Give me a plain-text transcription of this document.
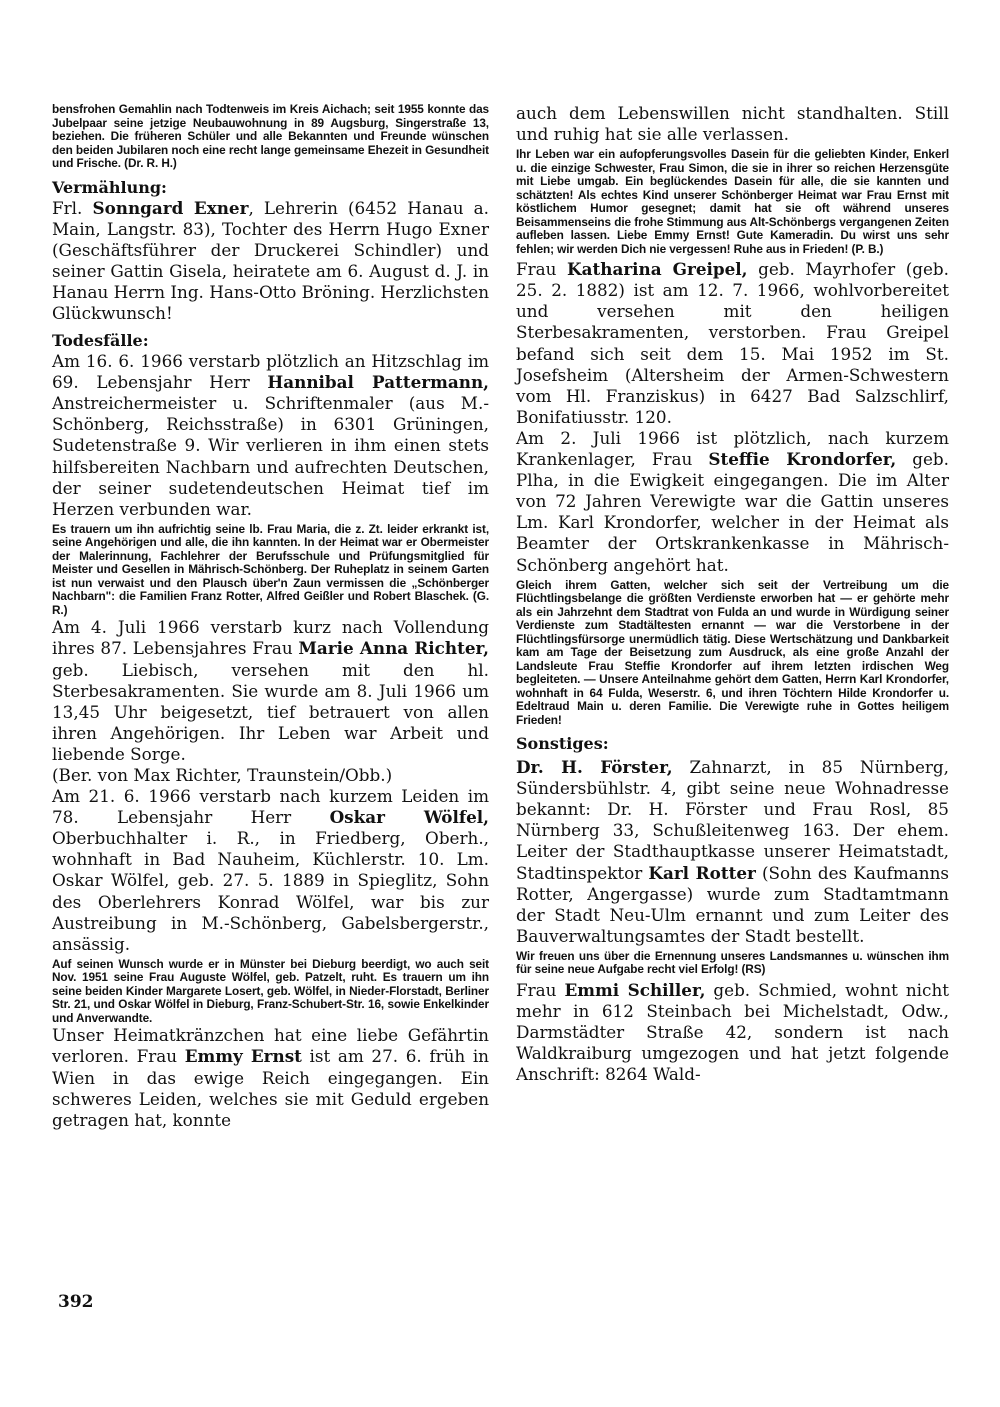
bensfrohen Gemahlin nach Todtenweis im Kreis Aichach; seit 1955 konnte das Jubelpaar seine jetzige Neubauwohnung in 89 Augsburg, Singerstraße 13, beziehen. Die früheren Schüler und alle Bekannten und Freunde wünschen den beiden Jubilaren noch eine recht lange gemeinsame Ehezeit in Gesundheit und Frische. (Dr. R. H.)

Vermählung:

Frl. Sonngard Exner, Lehrerin (6452 Hanau a. Main, Langstr. 83), Tochter des Herrn Hugo Exner (Geschäftsführer der Druckerei Schindler) und seiner Gattin Gisela, heiratete am 6. August d. J. in Hanau Herrn Ing. Hans-Otto Bröning. Herzlichsten Glückwunsch!

Todesfälle:

Am 16. 6. 1966 verstarb plötzlich an Hitzschlag im 69. Lebensjahr Herr Hannibal Pattermann, Anstreichermeister u. Schriftenmaler (aus M.-Schönberg, Reichsstraße) in 6301 Grüningen, Sudetenstraße 9. Wir verlieren in ihm einen stets hilfsbereiten Nachbarn und aufrechten Deutschen, der seiner sudetendeutschen Heimat tief im Herzen verbunden war.

Es trauern um ihn aufrichtig seine lb. Frau Maria, die z. Zt. leider erkrankt ist, seine Angehörigen und alle, die ihn kannten. In der Heimat war er Obermeister der Malerinnung, Fachlehrer der Berufsschule und Prüfungsmitglied für Meister und Gesellen in Mährisch-Schönberg. Der Ruheplatz in seinem Garten ist nun verwaist und den Plausch über'n Zaun vermissen die „Schönberger Nachbarn": die Familien Franz Rotter, Alfred Geißler und Robert Blaschek. (G. R.)

Am 4. Juli 1966 verstarb kurz nach Vollendung ihres 87. Lebensjahres Frau Marie Anna Richter, geb. Liebisch, versehen mit den hl. Sterbesakramenten. Sie wurde am 8. Juli 1966 um 13,45 Uhr beigesetzt, tief betrauert von allen ihren Angehörigen. Ihr Leben war Arbeit und liebende Sorge.

(Ber. von Max Richter, Traunstein/Obb.)

Am 21. 6. 1966 verstarb nach kurzem Leiden im 78. Lebensjahr Herr Oskar Wölfel, Oberbuchhalter i. R., in Friedberg, Oberh., wohnhaft in Bad Nauheim, Küchlerstr. 10. Lm. Oskar Wölfel, geb. 27. 5. 1889 in Spieglitz, Sohn des Oberlehrers Konrad Wölfel, war bis zur Austreibung in M.-Schönberg, Gabelsbergerstr., ansässig.

Auf seinen Wunsch wurde er in Münster bei Dieburg beerdigt, wo auch seit Nov. 1951 seine Frau Auguste Wölfel, geb. Patzelt, ruht. Es trauern um ihn seine beiden Kinder Margarete Losert, geb. Wölfel, in Nieder-Florstadt, Berliner Str. 21, und Oskar Wölfel in Dieburg, Franz-Schubert-Str. 16, sowie Enkelkinder und Anverwandte.

Unser Heimatkränzchen hat eine liebe Gefährtin verloren. Frau Emmy Ernst ist am 27. 6. früh in Wien in das ewige Reich eingegangen. Ein schweres Leiden, welches sie mit Geduld ergeben getragen hat, konnte

auch dem Lebenswillen nicht standhalten. Still und ruhig hat sie alle verlassen.

Ihr Leben war ein aufopferungsvolles Dasein für die geliebten Kinder, Enkerl u. die einzige Schwester, Frau Simon, die sie in ihrer so reichen Herzensgüte mit Liebe umgab. Ein beglückendes Dasein für alle, die sie kannten und schätzten! Als echtes Kind unserer Schönberger Heimat war Frau Ernst mit köstlichem Humor gesegnet; damit hat sie oft während unseres Beisammenseins die frohe Stimmung aus Alt-Schönbergs vergangenen Zeiten aufleben lassen. Liebe Emmy Ernst! Gute Kameradin. Du wirst uns sehr fehlen; wir werden Dich nie vergessen! Ruhe aus in Frieden! (P. B.)

Frau Katharina Greipel, geb. Mayrhofer (geb. 25. 2. 1882) ist am 12. 7. 1966, wohlvorbereitet und versehen mit den heiligen Sterbesakramenten, verstorben. Frau Greipel befand sich seit dem 15. Mai 1952 im St. Josefsheim (Altersheim der Armen-Schwestern vom Hl. Franziskus) in 6427 Bad Salzschlirf, Bonifatiusstr. 120.

Am 2. Juli 1966 ist plötzlich, nach kurzem Krankenlager, Frau Steffie Krondorfer, geb. Plha, in die Ewigkeit eingegangen. Die im Alter von 72 Jahren Verewigte war die Gattin unseres Lm. Karl Krondorfer, welcher in der Heimat als Beamter der Ortskrankenkasse in Mährisch-Schönberg angehört hat.

Gleich ihrem Gatten, welcher sich seit der Vertreibung um die Flüchtlingsbelange die größten Verdienste erworben hat — er gehörte mehr als ein Jahrzehnt dem Stadtrat von Fulda an und wurde in Würdigung seiner Verdienste zum Stadtältesten ernannt — war die Verstorbene in der Flüchtlingsfürsorge unermüdlich tätig. Diese Wertschätzung und Dankbarkeit kam am Tage der Beisetzung zum Ausdruck, als eine große Anzahl der Landsleute Frau Steffie Krondorfer auf ihrem letzten irdischen Weg begleiteten. — Unsere Anteilnahme gehört dem Gatten, Herrn Karl Krondorfer, wohnhaft in 64 Fulda, Weserstr. 6, und ihren Töchtern Hilde Krondorfer u. Edeltraud Main u. deren Familie. Die Verewigte ruhe in Gottes heiligem Frieden!

Sonstiges:

Dr. H. Förster, Zahnarzt, in 85 Nürnberg, Sündersbühlstr. 4, gibt seine neue Wohnadresse bekannt: Dr. H. Förster und Frau Rosl, 85 Nürnberg 33, Schußleitenweg 163. Der ehem. Leiter der Stadthauptkasse unserer Heimatstadt, Stadtinspektor Karl Rotter (Sohn des Kaufmanns Rotter, Angergasse) wurde zum Stadtamtmann der Stadt Neu-Ulm ernannt und zum Leiter des Bauverwaltungsamtes der Stadt bestellt.

Wir freuen uns über die Ernennung unseres Landsmannes u. wünschen ihm für seine neue Aufgabe recht viel Erfolg! (RS)

Frau Emmi Schiller, geb. Schmied, wohnt nicht mehr in 612 Steinbach bei Michelstadt, Odw., Darmstädter Straße 42, sondern ist nach Waldkraiburg umgezogen und hat jetzt folgende Anschrift: 8264 Wald-

392
